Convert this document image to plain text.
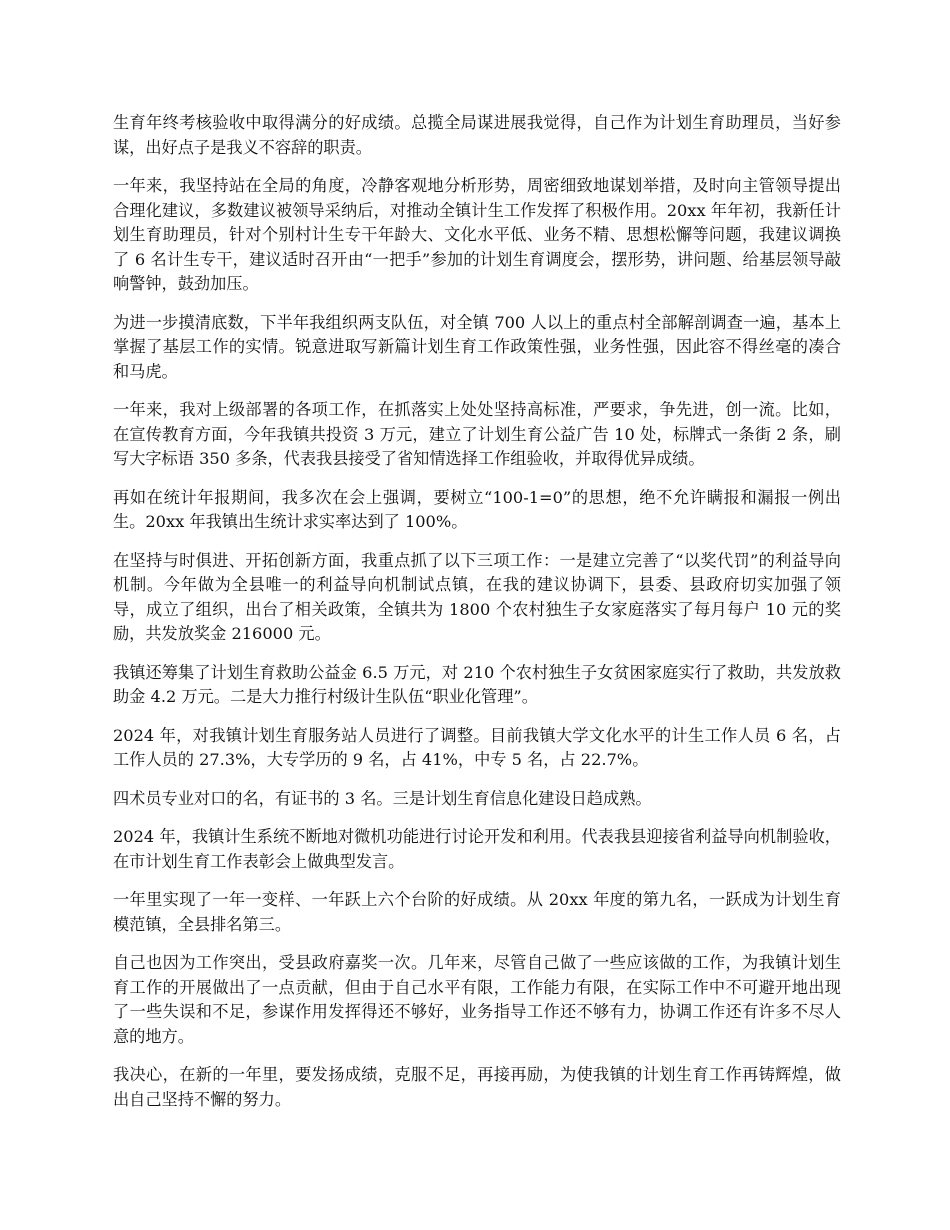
生育年终考核验收中取得满分的好成绩。总揽全局谋进展我觉得，自己作为计划生育助理员，当好参谋，出好点子是我义不容辞的职责。

一年来，我坚持站在全局的角度，冷静客观地分析形势，周密细致地谋划举措，及时向主管领导提出合理化建议，多数建议被领导采纳后，对推动全镇计生工作发挥了积极作用。20xx 年年初，我新任计划生育助理员，针对个别村计生专干年龄大、文化水平低、业务不精、思想松懈等问题，我建议调换了 6 名计生专干，建议适时召开由“一把手”参加的计划生育调度会，摆形势，讲问题、给基层领导敲响警钟，鼓劲加压。

为进一步摸清底数，下半年我组织两支队伍，对全镇 700 人以上的重点村全部解剖调查一遍，基本上掌握了基层工作的实情。锐意进取写新篇计划生育工作政策性强，业务性强，因此容不得丝毫的凑合和马虎。

一年来，我对上级部署的各项工作，在抓落实上处处坚持高标准，严要求，争先进，创一流。比如，在宣传教育方面，今年我镇共投资 3 万元，建立了计划生育公益广告 10 处，标牌式一条街 2 条，刷写大字标语 350 多条，代表我县接受了省知情选择工作组验收，并取得优异成绩。

再如在统计年报期间，我多次在会上强调，要树立“100-1=0”的思想，绝不允许瞒报和漏报一例出生。20xx 年我镇出生统计求实率达到了 100%。

在坚持与时俱进、开拓创新方面，我重点抓了以下三项工作：一是建立完善了“以奖代罚”的利益导向机制。今年做为全县唯一的利益导向机制试点镇，在我的建议协调下，县委、县政府切实加强了领导，成立了组织，出台了相关政策，全镇共为 1800 个农村独生子女家庭落实了每月每户 10 元的奖励，共发放奖金 216000 元。

我镇还筹集了计划生育救助公益金 6.5 万元，对 210 个农村独生子女贫困家庭实行了救助，共发放救助金 4.2 万元。二是大力推行村级计生队伍“职业化管理”。

2024 年，对我镇计划生育服务站人员进行了调整。目前我镇大学文化水平的计生工作人员 6 名，占工作人员的 27.3%，大专学历的 9 名，占 41%，中专 5 名，占 22.7%。

四术员专业对口的名，有证书的 3 名。三是计划生育信息化建设日趋成熟。

2024 年，我镇计生系统不断地对微机功能进行讨论开发和利用。代表我县迎接省利益导向机制验收，在市计划生育工作表彰会上做典型发言。

一年里实现了一年一变样、一年跃上六个台阶的好成绩。从 20xx 年度的第九名，一跃成为计划生育模范镇，全县排名第三。

自己也因为工作突出，受县政府嘉奖一次。几年来，尽管自己做了一些应该做的工作，为我镇计划生育工作的开展做出了一点贡献，但由于自己水平有限，工作能力有限，在实际工作中不可避开地出现了一些失误和不足，参谋作用发挥得还不够好，业务指导工作还不够有力，协调工作还有许多不尽人意的地方。

我决心，在新的一年里，要发扬成绩，克服不足，再接再励，为使我镇的计划生育工作再铸辉煌，做出自己坚持不懈的努力。
